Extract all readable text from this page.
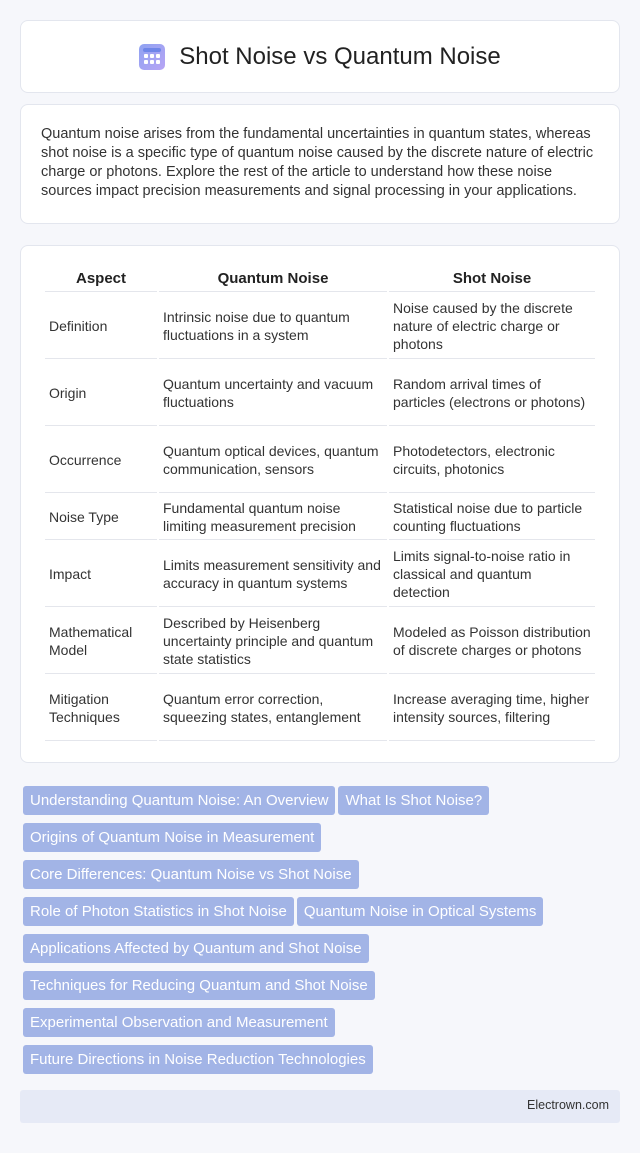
Shot Noise vs Quantum Noise

Quantum noise arises from the fundamental uncertainties in quantum states, whereas shot noise is a specific type of quantum noise caused by the discrete nature of electric charge or photons. Explore the rest of the article to understand how these noise sources impact precision measurements and signal processing in your applications.

Aspect	Quantum Noise	Shot Noise
Definition	Intrinsic noise due to quantum fluctuations in a system	Noise caused by the discrete nature of electric charge or photons
Origin	Quantum uncertainty and vacuum fluctuations	Random arrival times of particles (electrons or photons)
Occurrence	Quantum optical devices, quantum communication, sensors	Photodetectors, electronic circuits, photonics
Noise Type	Fundamental quantum noise limiting measurement precision	Statistical noise due to particle counting fluctuations
Impact	Limits measurement sensitivity and accuracy in quantum systems	Limits signal-to-noise ratio in classical and quantum detection
Mathematical Model	Described by Heisenberg uncertainty principle and quantum state statistics	Modeled as Poisson distribution of discrete charges or photons
Mitigation Techniques	Quantum error correction, squeezing states, entanglement	Increase averaging time, higher intensity sources, filtering
Understanding Quantum Noise: An Overview What Is Shot Noise?
Origins of Quantum Noise in Measurement
Core Differences: Quantum Noise vs Shot Noise
Role of Photon Statistics in Shot Noise Quantum Noise in Optical Systems
Applications Affected by Quantum and Shot Noise
Techniques for Reducing Quantum and Shot Noise
Experimental Observation and Measurement
Future Directions in Noise Reduction Technologies
Electrown.com
